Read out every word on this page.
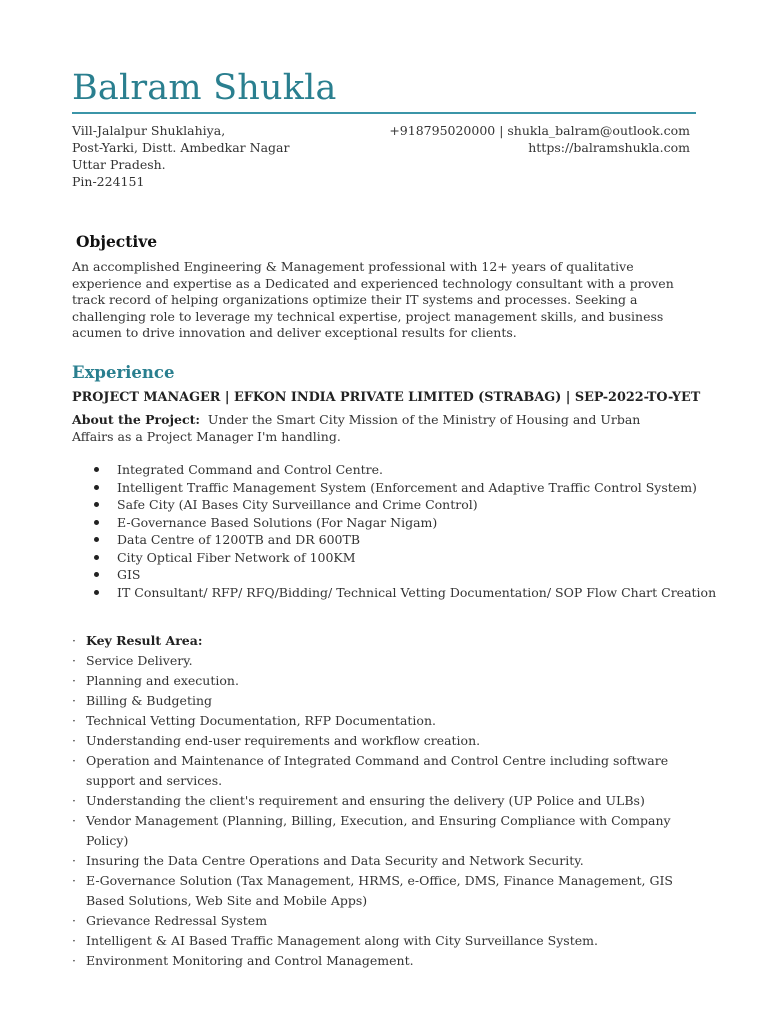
Balram Shukla
Vill-Jalalpur Shuklahiya,
Post-Yarki, Distt. Ambedkar Nagar
Uttar Pradesh.
Pin-224151
+918795020000 | shukla_balram@outlook.com
https://balramshukla.com
Objective
An accomplished Engineering & Management professional with 12+ years of qualitative experience and expertise as a Dedicated and experienced technology consultant with a proven track record of helping organizations optimize their IT systems and processes. Seeking a challenging role to leverage my technical expertise, project management skills, and business acumen to drive innovation and deliver exceptional results for clients.
Experience
PROJECT MANAGER | EFKON INDIA PRIVATE LIMITED (STRABAG) | SEP-2022-TO-YET
About the Project: Under the Smart City Mission of the Ministry of Housing and Urban Affairs as a Project Manager I'm handling.
Integrated Command and Control Centre.
Intelligent Traffic Management System (Enforcement and Adaptive Traffic Control System)
Safe City (AI Bases City Surveillance and Crime Control)
E-Governance Based Solutions (For Nagar Nigam)
Data Centre of 1200TB and DR 600TB
City Optical Fiber Network of 100KM
GIS
IT Consultant/ RFP/ RFQ/Bidding/ Technical Vetting Documentation/ SOP Flow Chart Creation
· Key Result Area:
· Service Delivery.
· Planning and execution.
· Billing & Budgeting
· Technical Vetting Documentation, RFP Documentation.
· Understanding end-user requirements and workflow creation.
· Operation and Maintenance of Integrated Command and Control Centre including software support and services.
· Understanding the client's requirement and ensuring the delivery (UP Police and ULBs)
· Vendor Management (Planning, Billing, Execution, and Ensuring Compliance with Company Policy)
· Insuring the Data Centre Operations and Data Security and Network Security.
· E-Governance Solution (Tax Management, HRMS, e-Office, DMS, Finance Management, GIS Based Solutions, Web Site and Mobile Apps)
· Grievance Redressal System
· Intelligent & AI Based Traffic Management along with City Surveillance System.
· Environment Monitoring and Control Management.
